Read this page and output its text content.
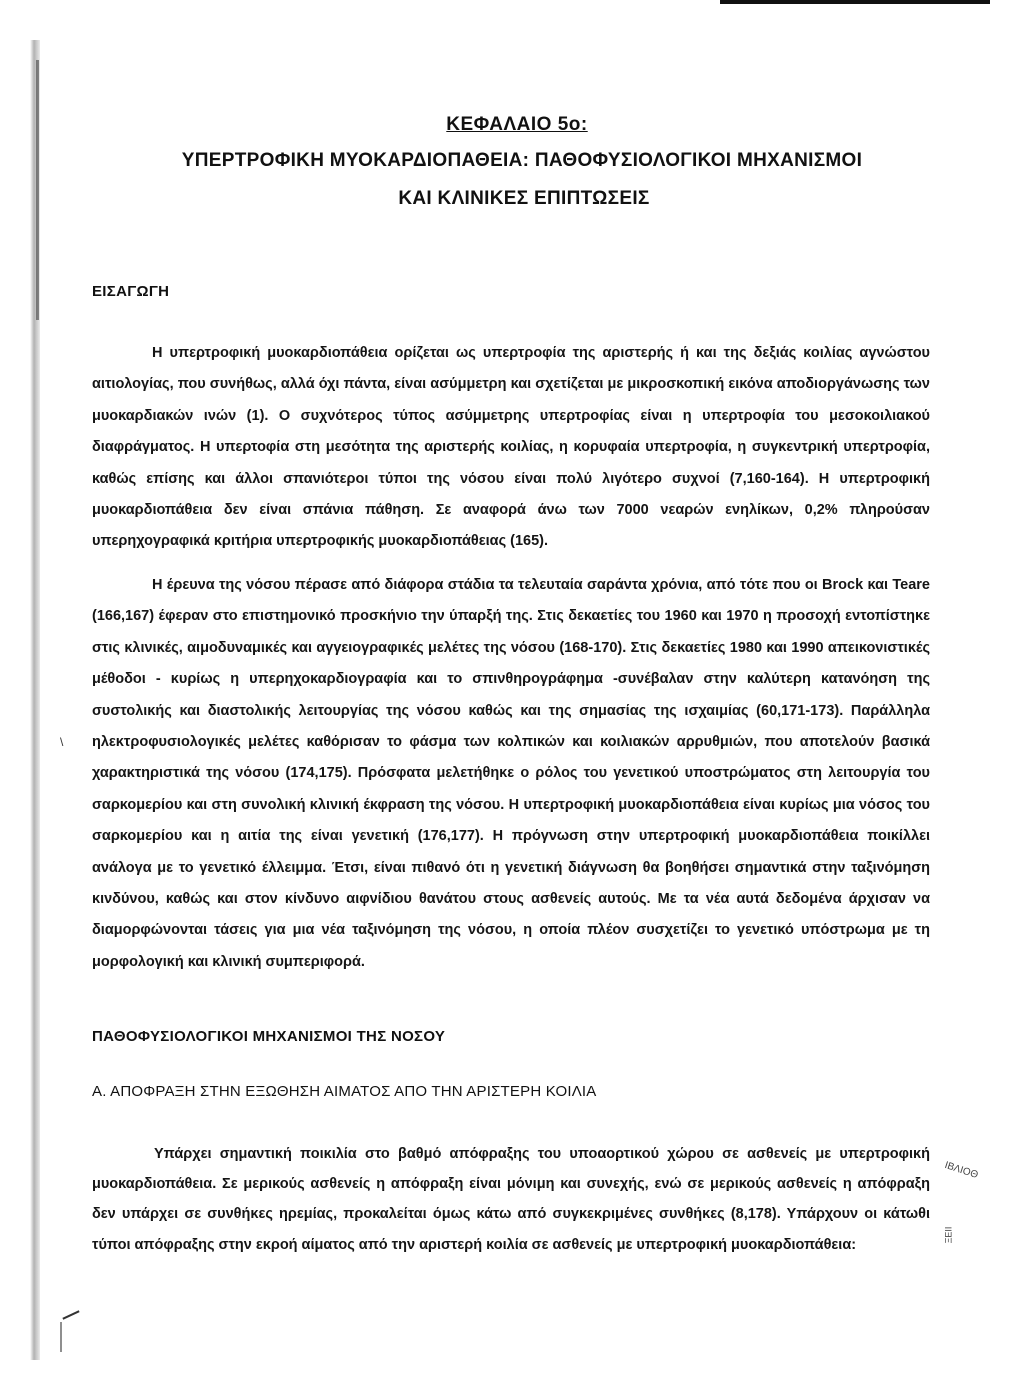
ΚΕΦΑΛΑΙΟ 5ο:
ΥΠΕΡΤΡΟΦΙΚΗ ΜΥΟΚΑΡΔΙΟΠΑΘΕΙΑ: ΠΑΘΟΦΥΣΙΟΛΟΓΙΚΟΙ ΜΗΧΑΝΙΣΜΟΙ
ΚΑΙ ΚΛΙΝΙΚΕΣ ΕΠΙΠΤΩΣΕΙΣ
ΕΙΣΑΓΩΓΗ
Η υπερτροφική μυοκαρδιοπάθεια ορίζεται ως υπερτροφία της αριστερής ή και της δεξιάς κοιλίας αγνώστου αιτιολογίας, που συνήθως, αλλά όχι πάντα, είναι ασύμμετρη και σχετίζεται με μικροσκοπική εικόνα αποδιοργάνωσης των μυοκαρδιακών ινών (1). Ο συχνότερος τύπος ασύμμετρης υπερτροφίας είναι η υπερτροφία του μεσοκοιλιακού διαφράγματος. Η υπερτοφία στη μεσότητα της αριστερής κοιλίας, η κορυφαία υπερτροφία, η συγκεντρική υπερτροφία, καθώς επίσης και άλλοι σπανιότεροι τύποι της νόσου είναι πολύ λιγότερο συχνοί (7,160-164). Η υπερτροφική μυοκαρδιοπάθεια δεν είναι σπάνια πάθηση. Σε αναφορά άνω των 7000 νεαρών ενηλίκων, 0,2% πληρούσαν υπερηχογραφικά κριτήρια υπερτροφικής μυοκαρδιοπάθειας (165).
Η έρευνα της νόσου πέρασε από διάφορα στάδια τα τελευταία σαράντα χρόνια, από τότε που οι Brock και Teare (166,167) έφεραν στο επιστημονικό προσκήνιο την ύπαρξή της. Στις δεκαετίες του 1960 και 1970 η προσοχή εντοπίστηκε στις κλινικές, αιμοδυναμικές και αγγειογραφικές μελέτες της νόσου (168-170). Στις δεκαετίες 1980 και 1990 απεικονιστικές μέθοδοι - κυρίως η υπερηχοκαρδιογραφία και το σπινθηρογράφημα -συνέβαλαν στην καλύτερη κατανόηση της συστολικής και διαστολικής λειτουργίας της νόσου καθώς και της σημασίας της ισχαιμίας (60,171-173). Παράλληλα ηλεκτροφυσιολογικές μελέτες καθόρισαν το φάσμα των κολπικών και κοιλιακών αρρυθμιών, που αποτελούν βασικά χαρακτηριστικά της νόσου (174,175). Πρόσφατα μελετήθηκε ο ρόλος του γενετικού υποστρώματος στη λειτουργία του σαρκομερίου και στη συνολική κλινική έκφραση της νόσου. Η υπερτροφική μυοκαρδιοπάθεια είναι κυρίως μια νόσος του σαρκομερίου και η αιτία της είναι γενετική (176,177). Η πρόγνωση στην υπερτροφική μυοκαρδιοπάθεια ποικίλλει ανάλογα με το γενετικό έλλειμμα. Έτσι, είναι πιθανό ότι η γενετική διάγνωση θα βοηθήσει σημαντικά στην ταξινόμηση κινδύνου, καθώς και στον κίνδυνο αιφνίδιου θανάτου στους ασθενείς αυτούς. Με τα νέα αυτά δεδομένα άρχισαν να διαμορφώνονται τάσεις για μια νέα ταξινόμηση της νόσου, η οποία πλέον συσχετίζει το γενετικό υπόστρωμα με τη μορφολογική και κλινική συμπεριφορά.
ΠΑΘΟΦΥΣΙΟΛΟΓΙΚΟΙ ΜΗΧΑΝΙΣΜΟΙ ΤΗΣ ΝΟΣΟΥ
Α. ΑΠΟΦΡΑΞΗ ΣΤΗΝ ΕΞΩΘΗΣΗ ΑΙΜΑΤΟΣ ΑΠΟ ΤΗΝ ΑΡΙΣΤΕΡΗ ΚΟΙΛΙΑ
Υπάρχει σημαντική ποικιλία στο βαθμό απόφραξης του υποαορτικού χώρου σε ασθενείς με υπερτροφική μυοκαρδιοπάθεια. Σε μερικούς ασθενείς η απόφραξη είναι μόνιμη και συνεχής, ενώ σε μερικούς ασθενείς η απόφραξη δεν υπάρχει σε συνθήκες ηρεμίας, προκαλείται όμως κάτω από συγκεκριμένες συνθήκες (8,178). Υπάρχουν οι κάτωθι τύποι απόφραξης στην εκροή αίματος από την αριστερή κοιλία σε ασθενείς με υπερτροφική μυοκαρδιοπάθεια:
ΙΒΛΙΟΘ
ΞΕΙΙ
\
